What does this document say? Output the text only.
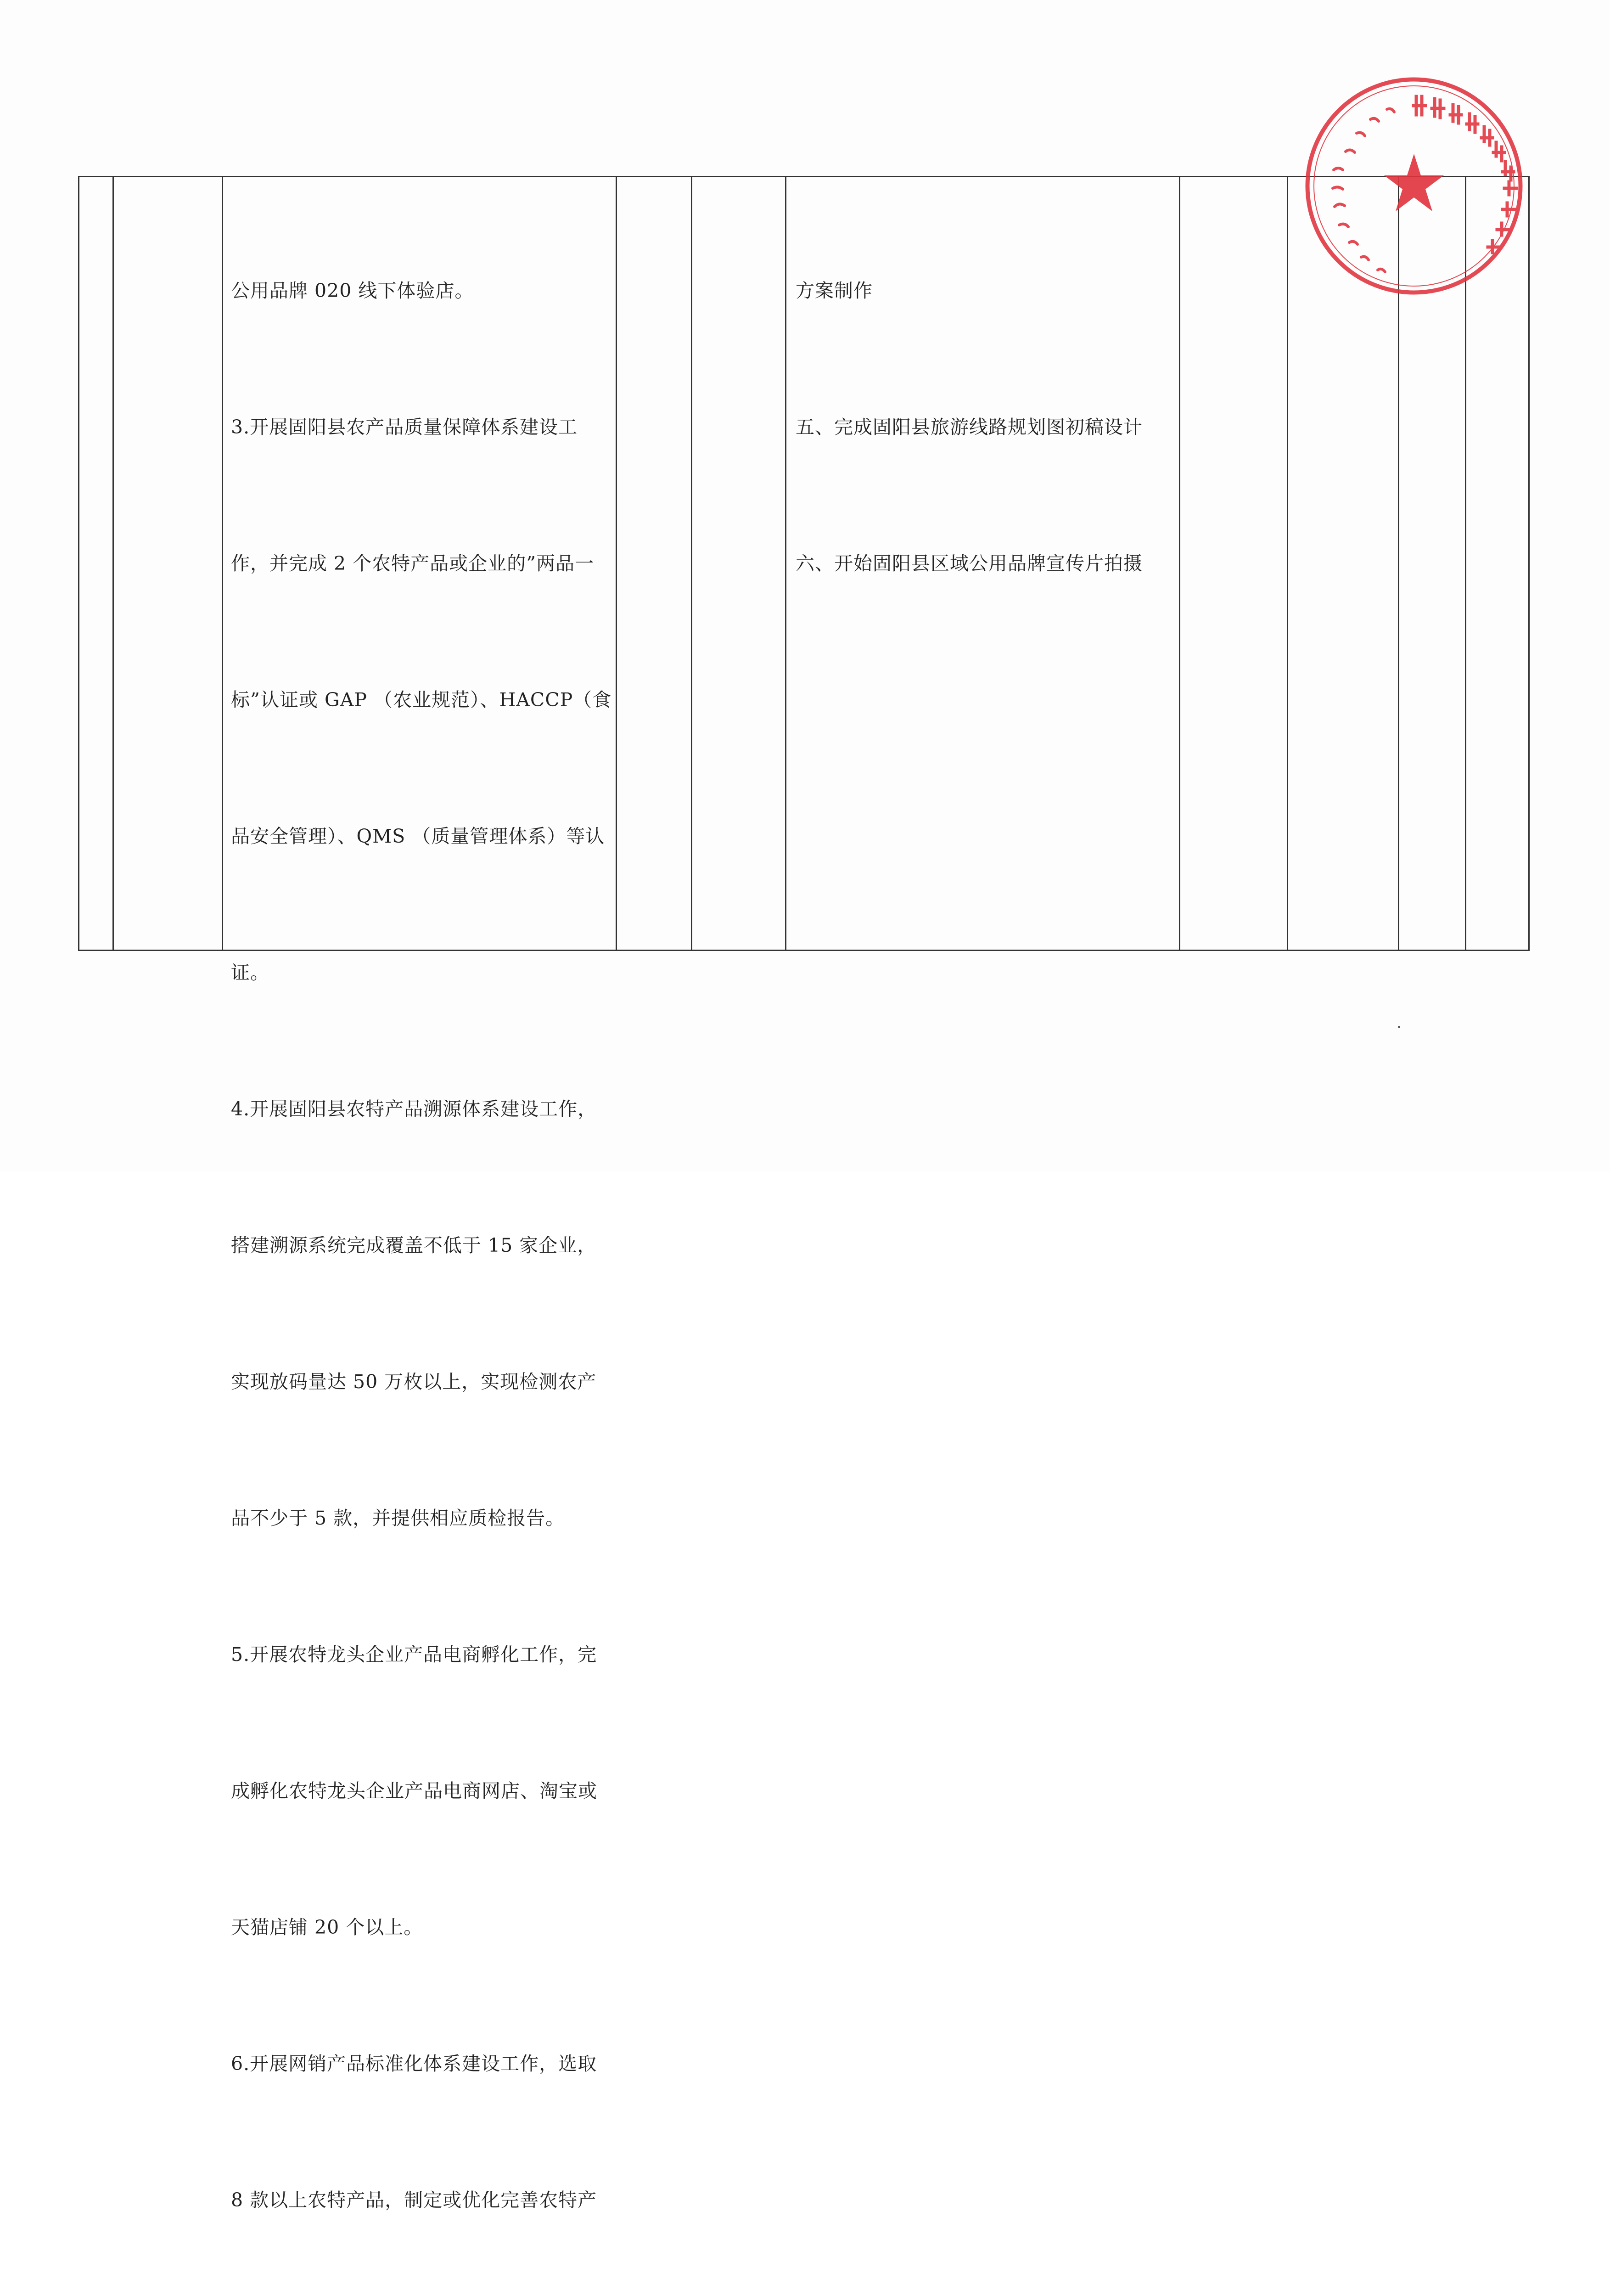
公用品牌 020 线下体验店。

3.开展固阳县农产品质量保障体系建设工

作，并完成 2 个农特产品或企业的”两品一

标”认证或 GAP （农业规范）、HACCP（食

品安全管理）、QMS （质量管理体系）等认

证。

4.开展固阳县农特产品溯源体系建设工作，

搭建溯源系统完成覆盖不低于 15 家企业，

实现放码量达 50 万枚以上，实现检测农产

品不少于 5 款，并提供相应质检报告。

5.开展农特龙头企业产品电商孵化工作，完

成孵化农特龙头企业产品电商网店、淘宝或

天猫店铺 20 个以上。

6.开展网销产品标准化体系建设工作，选取

8 款以上农特产品，制定或优化完善农特产

方案制作

五、完成固阳县旅游线路规划图初稿设计

六、开始固阳县区域公用品牌宣传片拍摄
